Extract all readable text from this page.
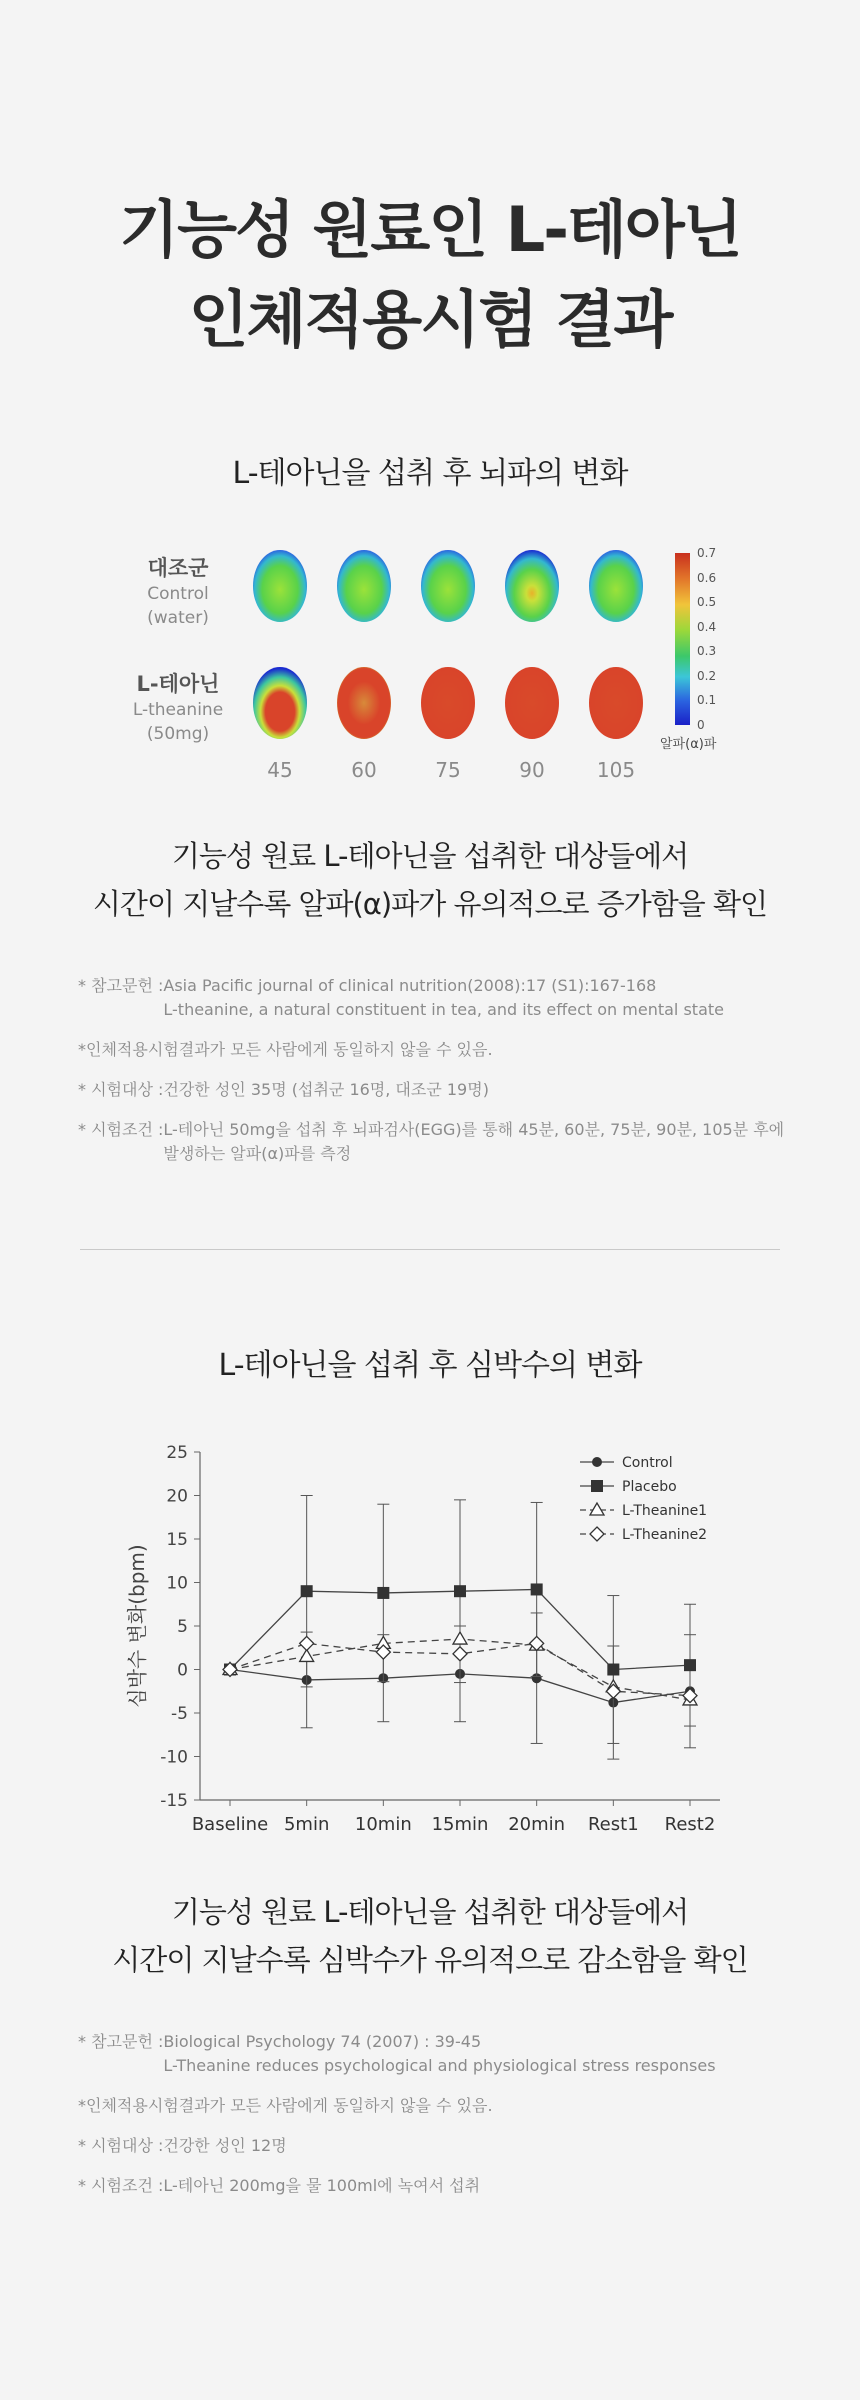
기능성 원료인 L-테아닌
인체적용시험 결과
L-테아닌을 섭취 후 뇌파의 변화
대조군
Control
(water)
L-테아닌
L-theanine
(50mg)
0.7
0.6
0.5
0.4
0.3
0.2
0.1
0
알파(α)파
45	60	75	90	105
기능성 원료 L-테아닌을 섭취한 대상들에서
시간이 지날수록 알파(α)파가 유의적으로 증가함을 확인
* 참고문헌 : Asia Pacific journal of clinical nutrition(2008):17 (S1):167-168
L-theanine, a natural constituent in tea, and its effect on mental state
* 인체적용시험결과가 모든 사람에게 동일하지 않을 수 있음.
* 시험대상 : 건강한 성인 35명 (섭취군 16명, 대조군 19명)
* 시험조건 : L-테아닌 50mg을 섭취 후 뇌파검사(EGG)를 통해 45분, 60분, 75분, 90분, 105분 후에 발생하는 알파(α)파를 측정
L-테아닌을 섭취 후 심박수의 변화
25
20
15
10
5
0
-5
-10
-15
Baseline 5min 10min 15min 20min Rest1 Rest2
심박수 변화(bpm)
Control
Placebo
L-Theanine1
L-Theanine2
기능성 원료 L-테아닌을 섭취한 대상들에서
시간이 지날수록 심박수가 유의적으로 감소함을 확인
* 참고문헌 : Biological Psychology 74 (2007) : 39-45
L-Theanine reduces psychological and physiological stress responses
* 인체적용시험결과가 모든 사람에게 동일하지 않을 수 있음.
* 시험대상 : 건강한 성인 12명
* 시험조건 : L-테아닌 200mg을 물 100ml에 녹여서 섭취
